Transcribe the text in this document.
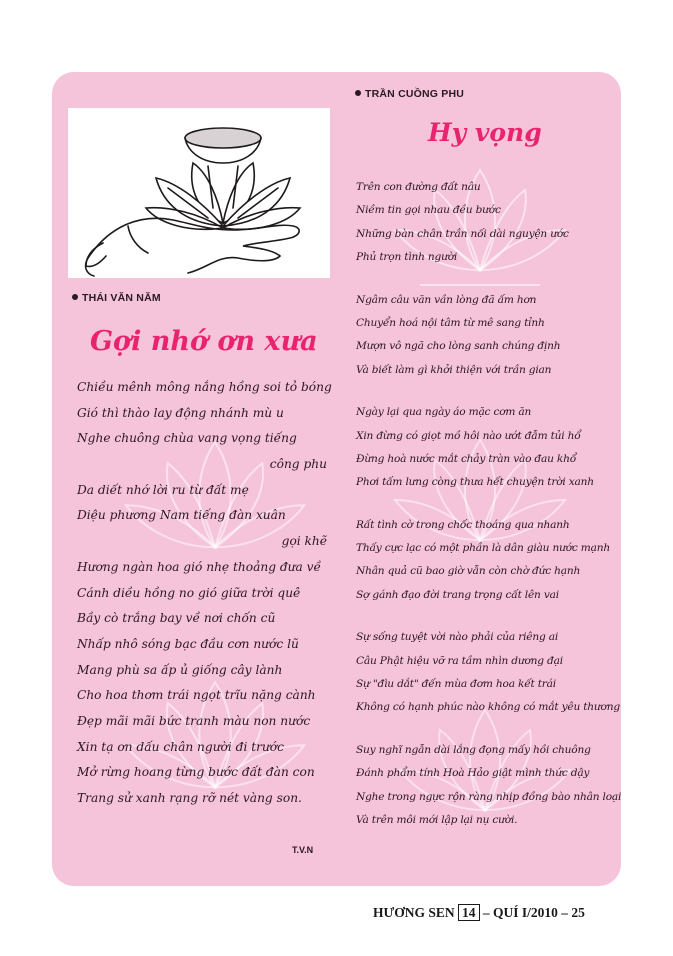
THÁI VĂN NĂM
Gợi nhớ ơn xưa
Chiều mênh mông nắng hồng soi tỏ bóng
Gió thì thào lay động nhánh mù u
Nghe chuông chùa vang vọng tiếng
công phu
Da diết nhớ lời ru từ đất mẹ
Diệu phương Nam tiếng đàn xuân
gọi khẽ
Hương ngàn hoa gió nhẹ thoảng đưa về
Cánh diều hồng no gió giữa trời quê
Bầy cò trắng bay về nơi chốn cũ
Nhấp nhô sóng bạc đầu cơn nước lũ
Mang phù sa ấp ủ giống cây lành
Cho hoa thơm trái ngọt trĩu nặng cành
Đẹp mãi mãi bức tranh màu non nước
Xin tạ ơn dấu chân người đi trước
Mở rừng hoang từng bước đất đàn con
Trang sử xanh rạng rỡ nét vàng son.
T.V.N
TRẦN CUỒNG PHU
Hy vọng
Trên con đường đất nâu
Niềm tin gọi nhau đều bước
Những bàn chân trần nối dài nguyện ước
Phủ trọn tình người
Ngâm câu văn vần lòng đã ấm hơn
Chuyển hoá nội tâm từ mê sang tỉnh
Mượn vô ngã cho lòng sanh chúng định
Và biết làm gì khởi thiện với trần gian
Ngày lại qua ngày áo mặc cơm ăn
Xin đừng có giọt mồ hôi nào ướt đẫm tủi hổ
Đừng hoà nước mắt chảy tràn vào đau khổ
Phơi tấm lưng còng thưa hết chuyện trời xanh
Rất tình cờ trong chốc thoáng qua nhanh
Thấy cực lạc có một phần là dân giàu nước mạnh
Nhân quả cũ bao giờ vẫn còn chờ đức hạnh
Sợ gánh đạo đời trang trọng cất lên vai
Sự sống tuyệt vời nào phải của riêng ai
Câu Phật hiệu vỡ ra tầm nhìn dương đại
Sự "đìu dắt" đến mùa đơm hoa kết trái
Không có hạnh phúc nào không có mắt yêu thương
Suy nghĩ ngẫn dài lắng đọng mấy hồi chuông
Đánh phẩm tính Hoà Hảo giật mình thức dậy
Nghe trong ngực rộn ràng nhịp đồng bào nhân loại
Và trên môi mới lập lại nụ cười.
HƯƠNG SEN 14 – QUÍ I/2010 – 25
